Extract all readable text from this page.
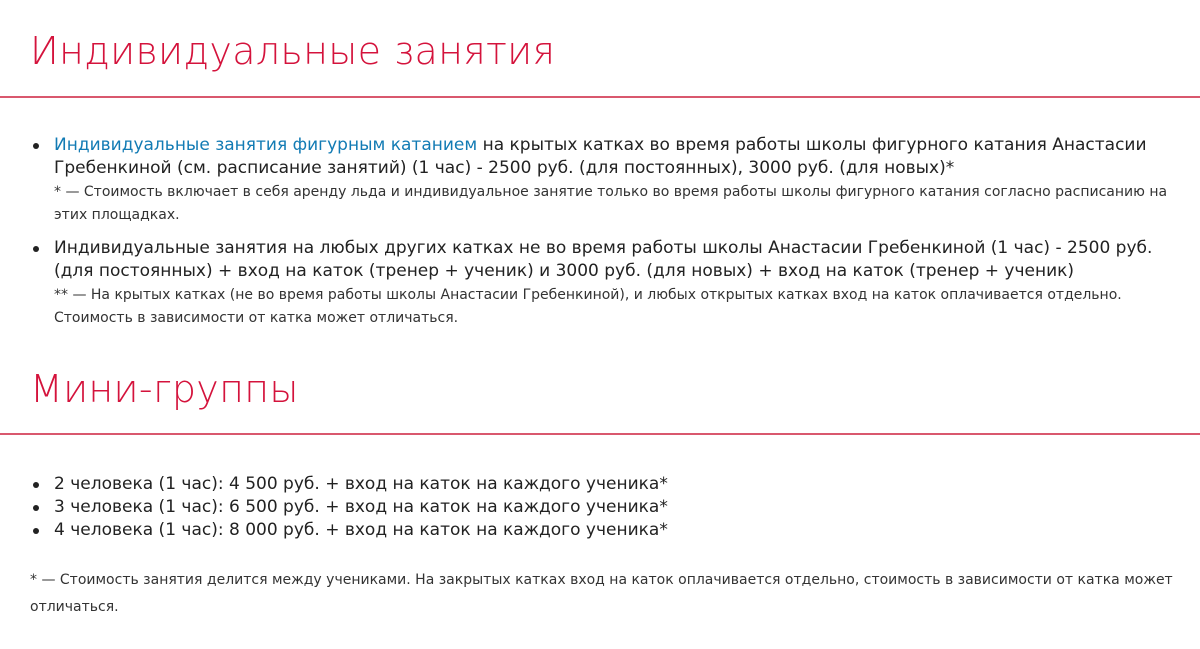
Индивидуальные занятия
Индивидуальные занятия фигурным катанием на крытых катках во время работы школы фигурного катания Анастасии Гребенкиной (см. расписание занятий) (1 час) - 2500 руб. (для постоянных), 3000 руб. (для новых)*
* — Стоимость включает в себя аренду льда и индивидуальное занятие только во время работы школы фигурного катания согласно расписанию на этих площадках.
Индивидуальные занятия на любых других катках не во время работы школы Анастасии Гребенкиной (1 час) - 2500 руб. (для постоянных) + вход на каток (тренер + ученик) и 3000 руб. (для новых) + вход на каток (тренер + ученик)
** — На крытых катках (не во время работы школы Анастасии Гребенкиной), и любых открытых катках вход на каток оплачивается отдельно. Стоимость в зависимости от катка может отличаться.
Мини-группы
2 человека (1 час): 4 500 руб. + вход на каток на каждого ученика*
3 человека (1 час): 6 500 руб. + вход на каток на каждого ученика*
4 человека (1 час): 8 000 руб. + вход на каток на каждого ученика*

* — Стоимость занятия делится между учениками. На закрытых катках вход на каток оплачивается отдельно, стоимость в зависимости от катка может отличаться.
